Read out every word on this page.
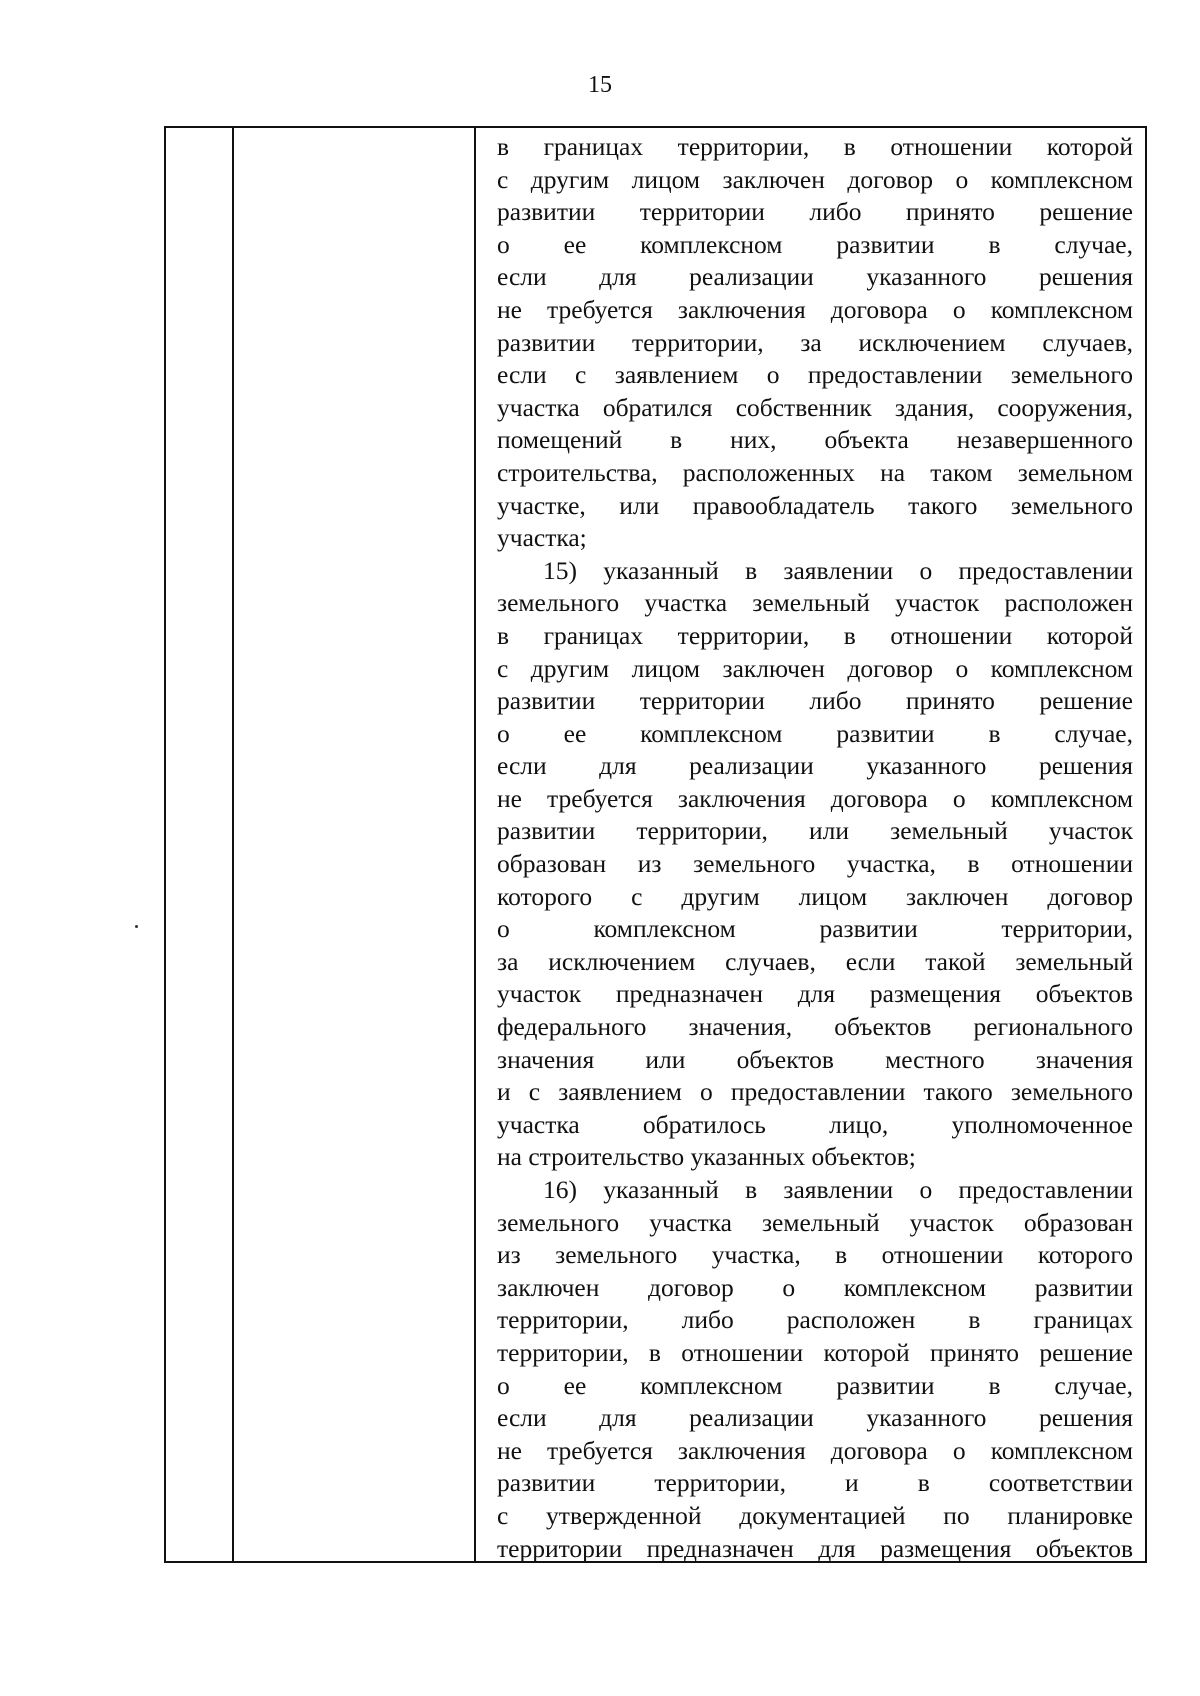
15
в границах территории, в отношении которой
с другим лицом заключен договор о комплексном
развитии территории либо принято решение
о ее комплексном развитии в случае,
если для реализации указанного решения
не требуется заключения договора о комплексном
развитии территории, за исключением случаев,
если с заявлением о предоставлении земельного
участка обратился собственник здания, сооружения,
помещений в них, объекта незавершенного
строительства, расположенных на таком земельном
участке, или правообладатель такого земельного
участка;
15) указанный в заявлении о предоставлении
земельного участка земельный участок расположен
в границах территории, в отношении которой
с другим лицом заключен договор о комплексном
развитии территории либо принято решение
о ее комплексном развитии в случае,
если для реализации указанного решения
не требуется заключения договора о комплексном
развитии территории, или земельный участок
образован из земельного участка, в отношении
которого с другим лицом заключен договор
о комплексном развитии территории,
за исключением случаев, если такой земельный
участок предназначен для размещения объектов
федерального значения, объектов регионального
значения или объектов местного значения
и с заявлением о предоставлении такого земельного
участка обратилось лицо, уполномоченное
на строительство указанных объектов;
16) указанный в заявлении о предоставлении
земельного участка земельный участок образован
из земельного участка, в отношении которого
заключен договор о комплексном развитии
территории, либо расположен в границах
территории, в отношении которой принято решение
о ее комплексном развитии в случае,
если для реализации указанного решения
не требуется заключения договора о комплексном
развитии территории, и в соответствии
с утвержденной документацией по планировке
территории предназначен для размещения объектов
